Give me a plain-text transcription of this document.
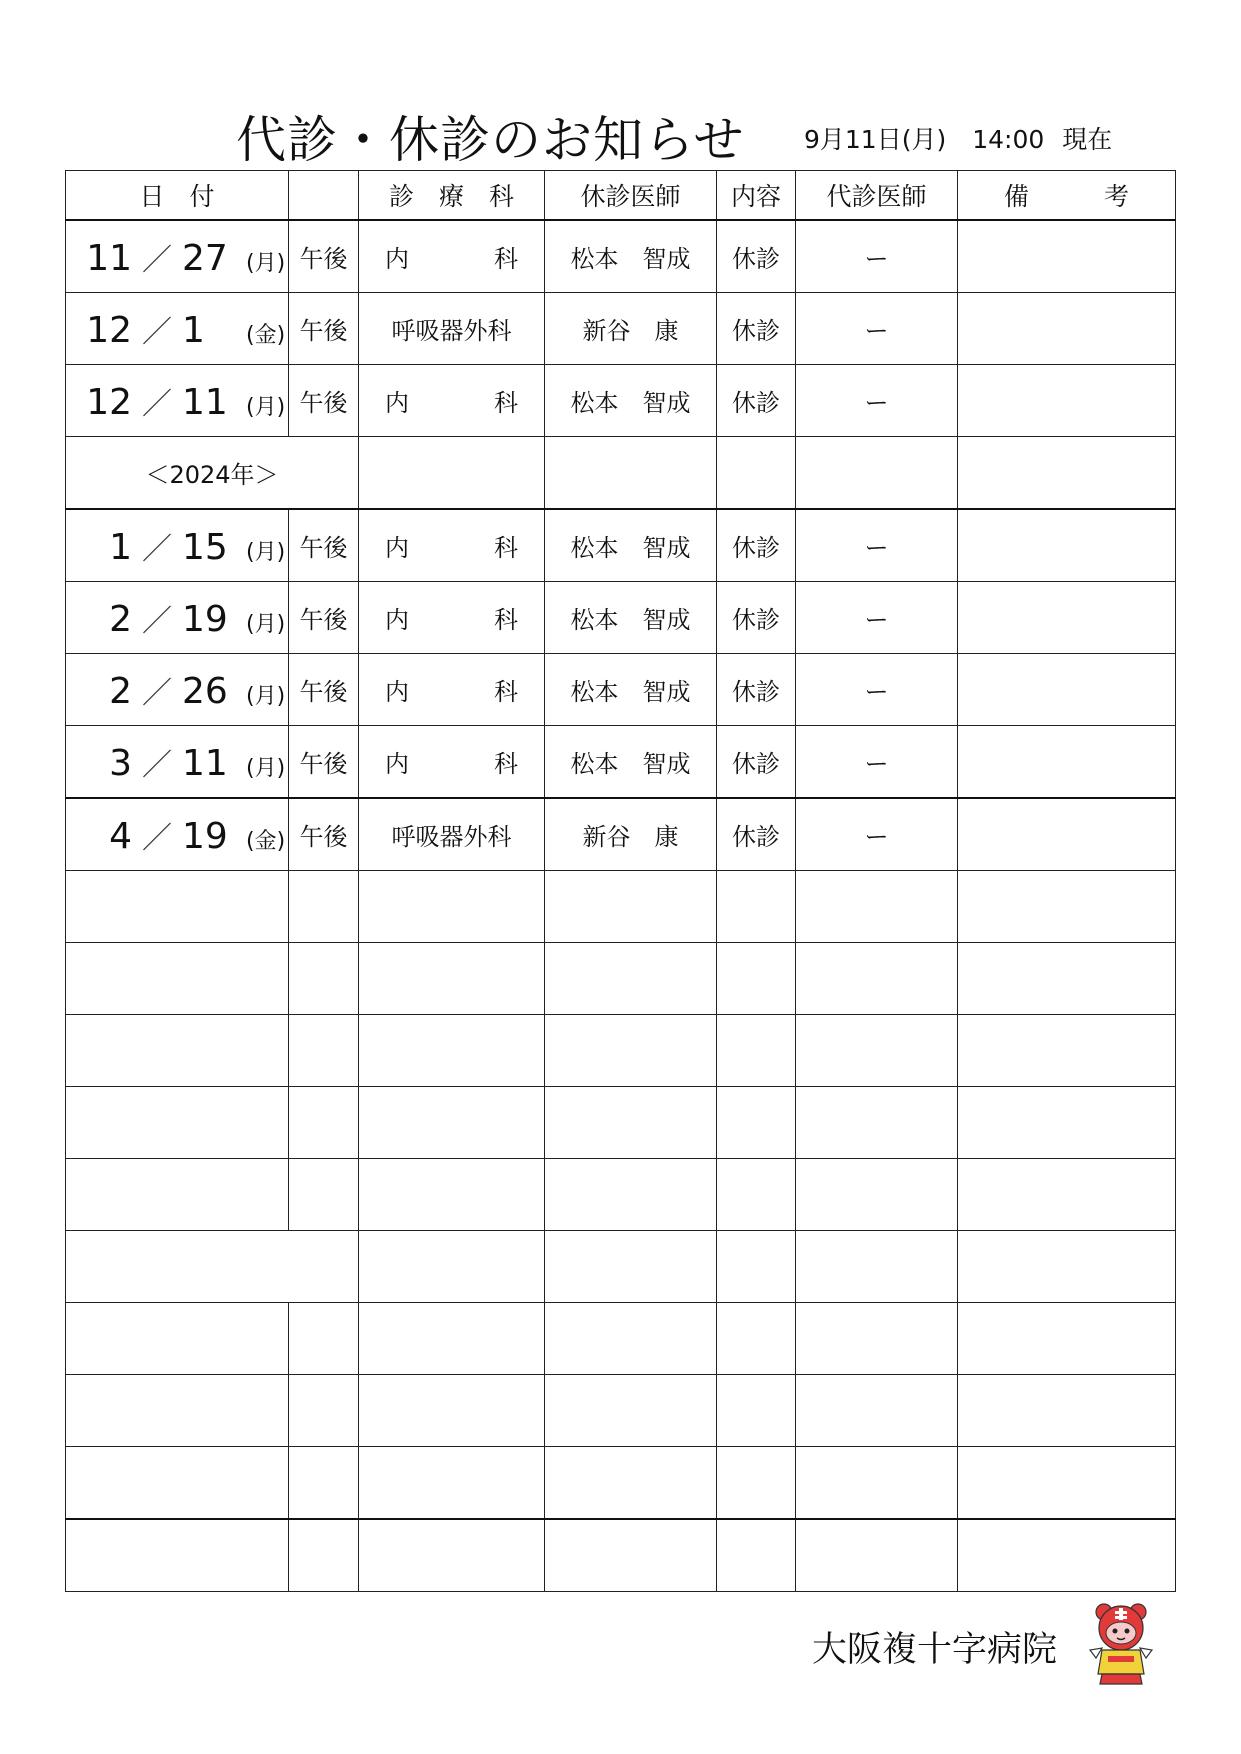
代診・休診のお知らせ 9月11日(月) 14:00 現在
日　付		診　療　科	休診医師	内容	代診医師	備　　　考

11 ／ 27 (月)	午後	内 科	松本　智成	休診	ー	

12 ／ 1 (金)	午後	呼吸器外科	新谷　康	休診	ー	

12 ／ 11 (月)	午後	内 科	松本　智成	休診	ー	
＜2024年＞						

1 ／ 15 (月)	午後	内 科	松本　智成	休診	ー	

2 ／ 19 (月)	午後	内 科	松本　智成	休診	ー	

2 ／ 26 (月)	午後	内 科	松本　智成	休診	ー	

3 ／ 11 (月)	午後	内 科	松本　智成	休診	ー	

4 ／ 19 (金)	午後	呼吸器外科	新谷　康	休診	ー	

大阪複十字病院
